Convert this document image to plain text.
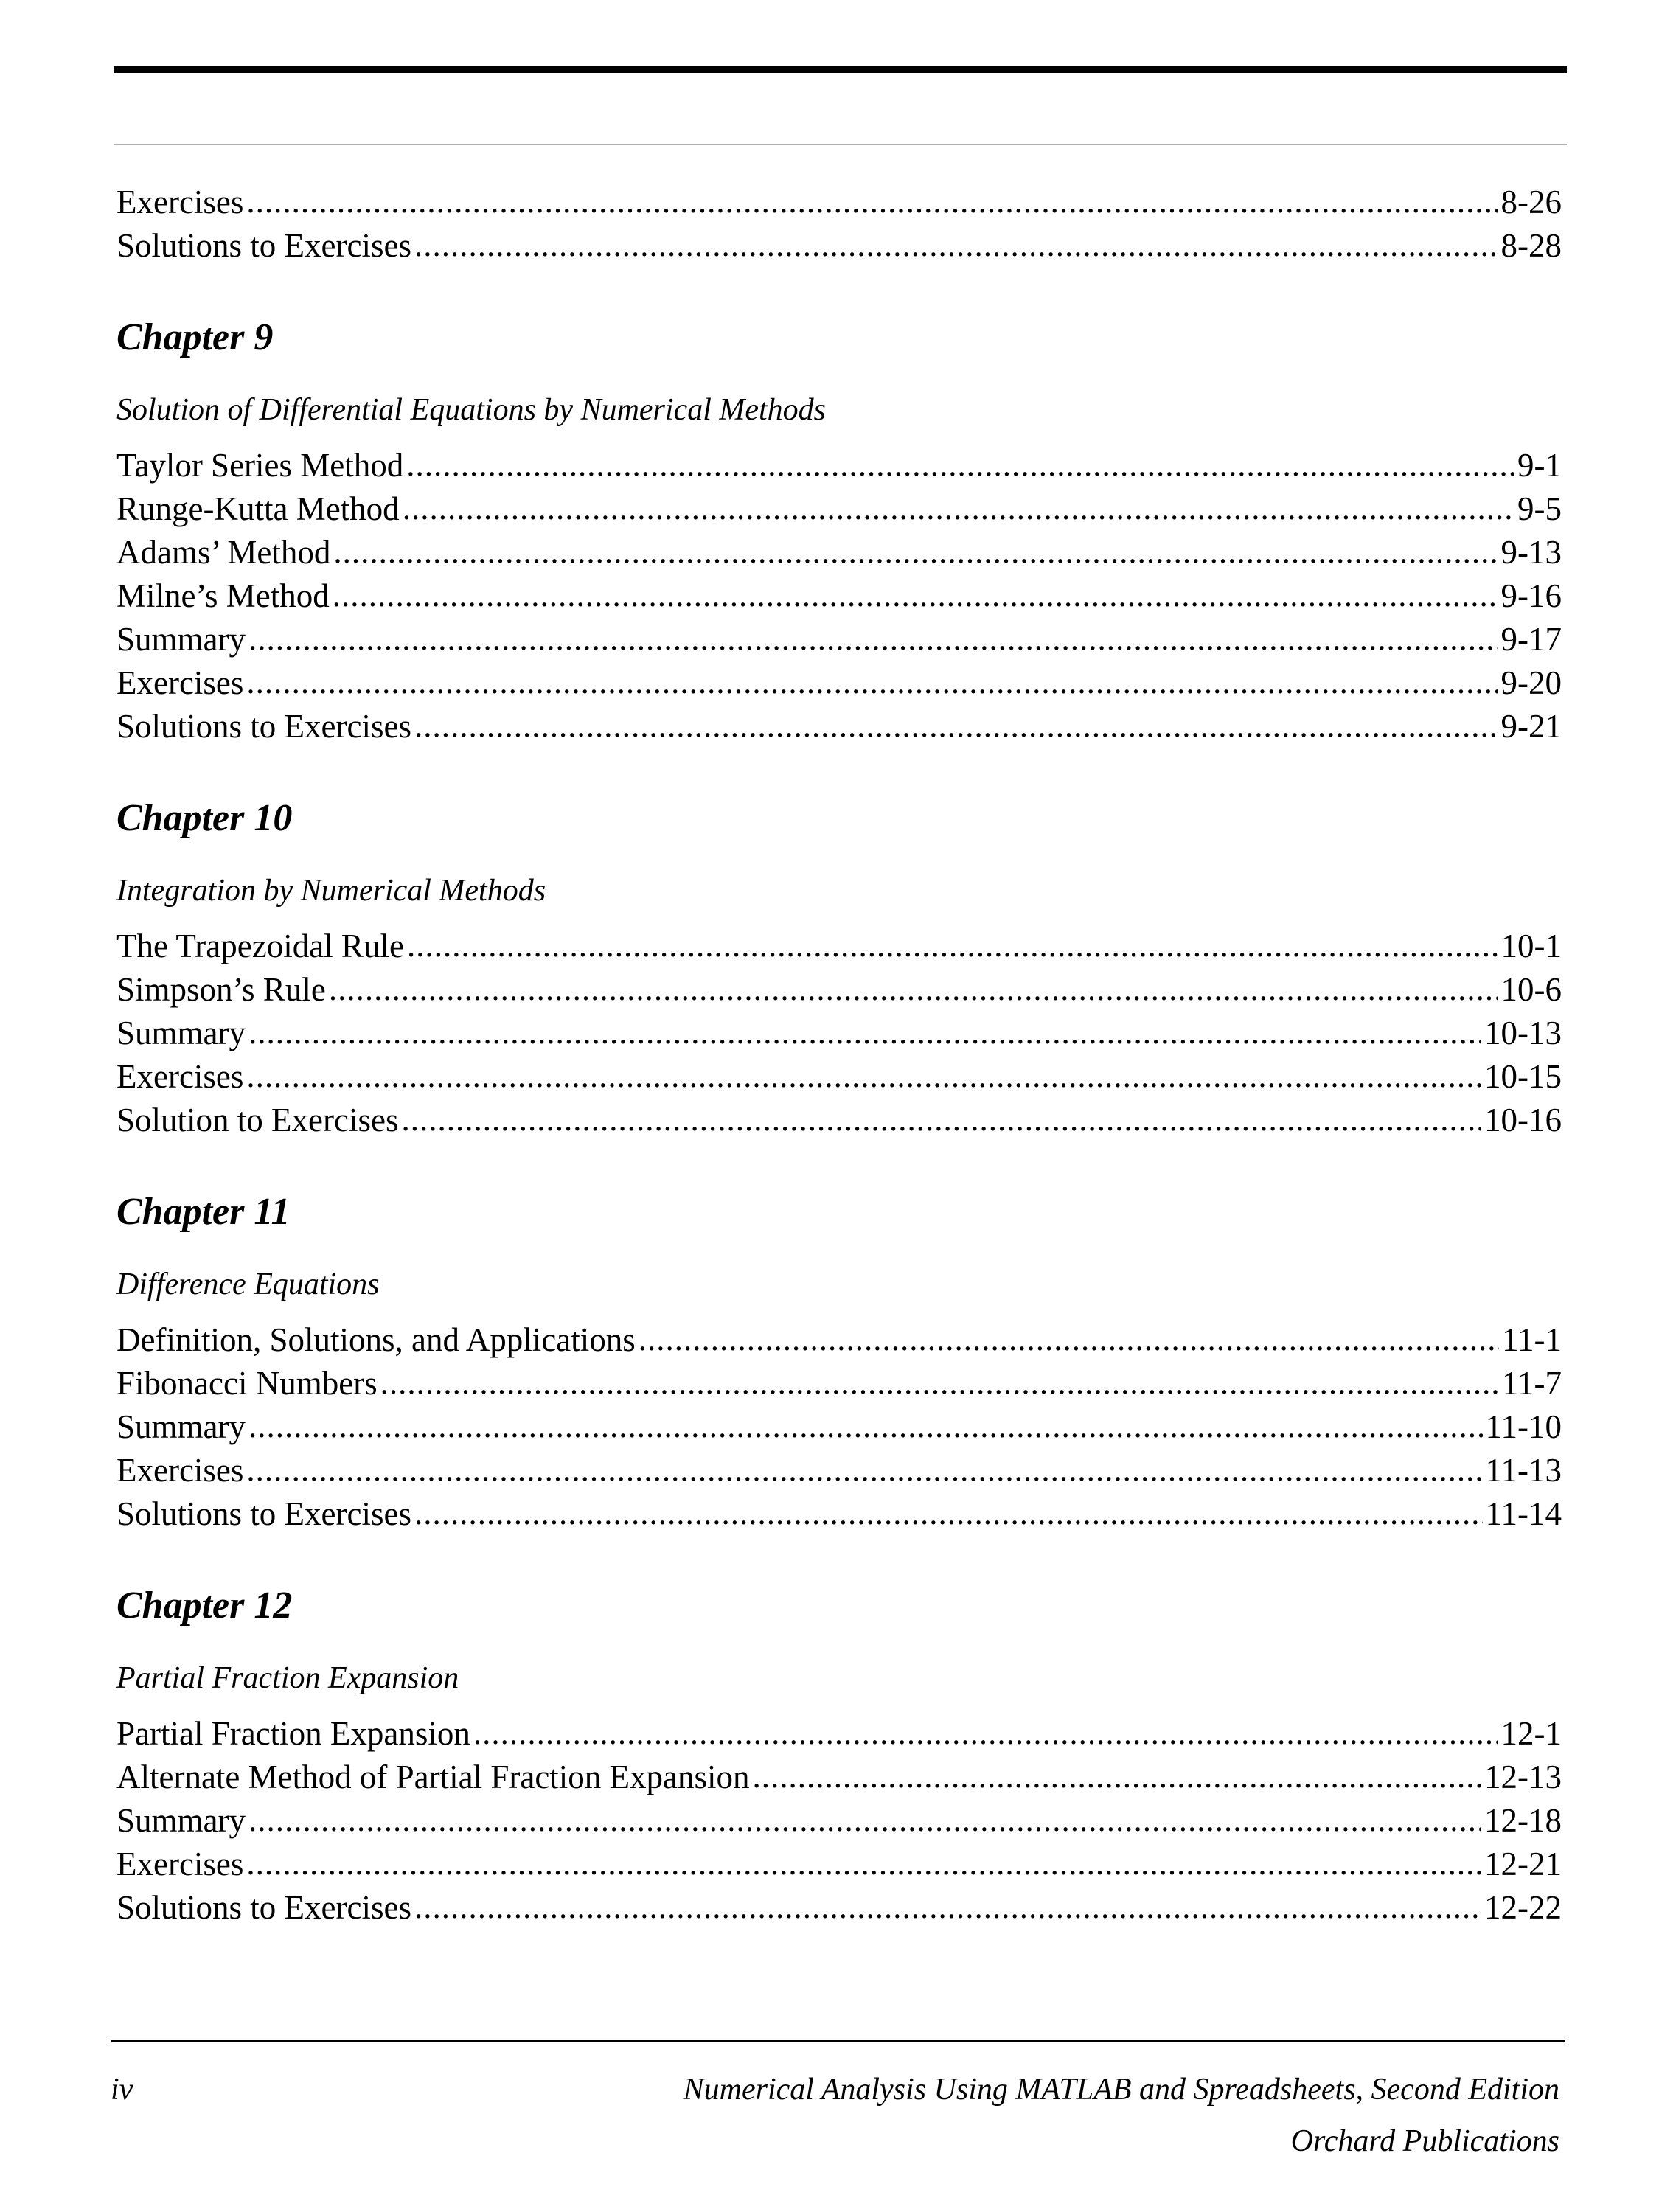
Exercises .....	8-26
Solutions to Exercises .....	8-28
Chapter 9
Solution of Differential Equations by Numerical Methods
Taylor Series Method .....	9-1
Runge-Kutta Method .....	9-5
Adams’ Method .....	9-13
Milne’s Method .....	9-16
Summary .....	9-17
Exercises .....	9-20
Solutions to Exercises .....	9-21
Chapter 10
Integration by Numerical Methods
The Trapezoidal Rule .....	10-1
Simpson’s Rule .....	10-6
Summary .....	10-13
Exercises .....	10-15
Solution to Exercises .....	10-16
Chapter 11
Difference Equations
Definition, Solutions, and Applications .....	11-1
Fibonacci Numbers .....	11-7
Summary .....	11-10
Exercises .....	11-13
Solutions to Exercises .....	11-14
Chapter 12
Partial Fraction Expansion
Partial Fraction Expansion .....	12-1
Alternate Method of Partial Fraction Expansion .....	12-13
Summary .....	12-18
Exercises .....	12-21
Solutions to Exercises .....	12-22
iv	Numerical Analysis Using MATLAB and Spreadsheets, Second Edition
Orchard Publications
